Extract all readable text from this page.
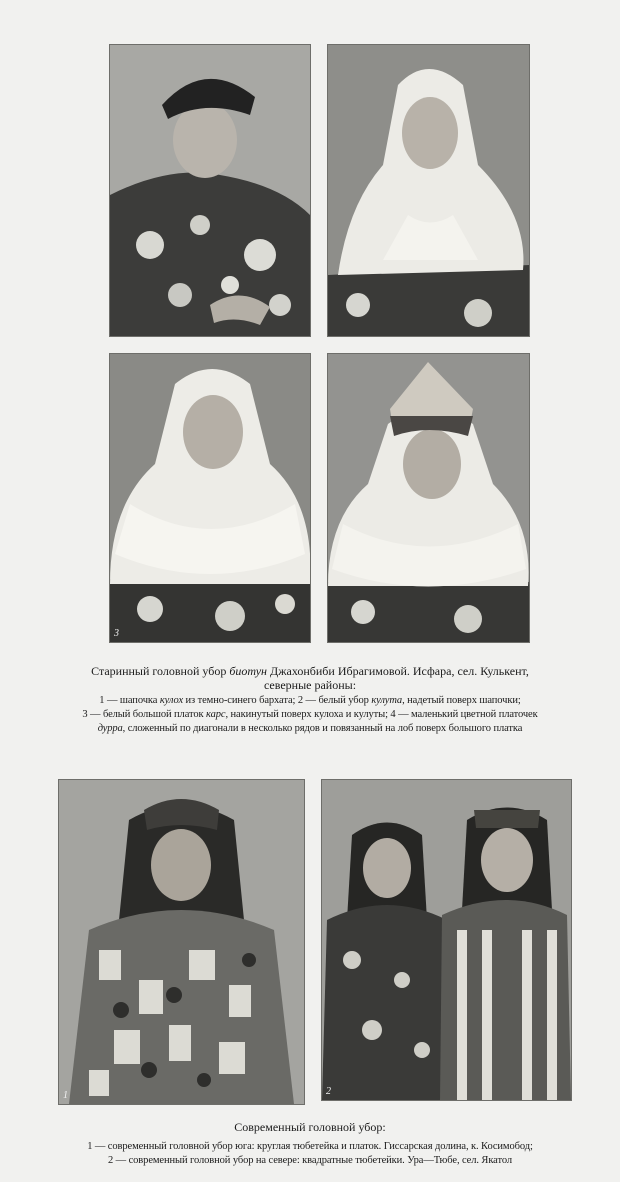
3
Старинный головной убор биотун Джахонбиби Ибрагимовой. Исфара, сел. Кулькент,
северные районы:
1 — шапочка кулох из темно-синего бархата; 2 — белый убор кулута, надетый поверх шапочки;
3 — белый большой платок карс, накинутый поверх кулоха и кулуты; 4 — маленький цветной платочек
дурра, сложенный по диагонали в несколько рядов и повязанный на лоб поверх большого платка
1	2
Современный головной убор:
1 — современный головной убор юга: круглая тюбетейка и платок. Гиссарская долина, к. Косимобод;
2 — современный головной убор на севере: квадратные тюбетейки. Ура—Тюбе, сел. Якатол
